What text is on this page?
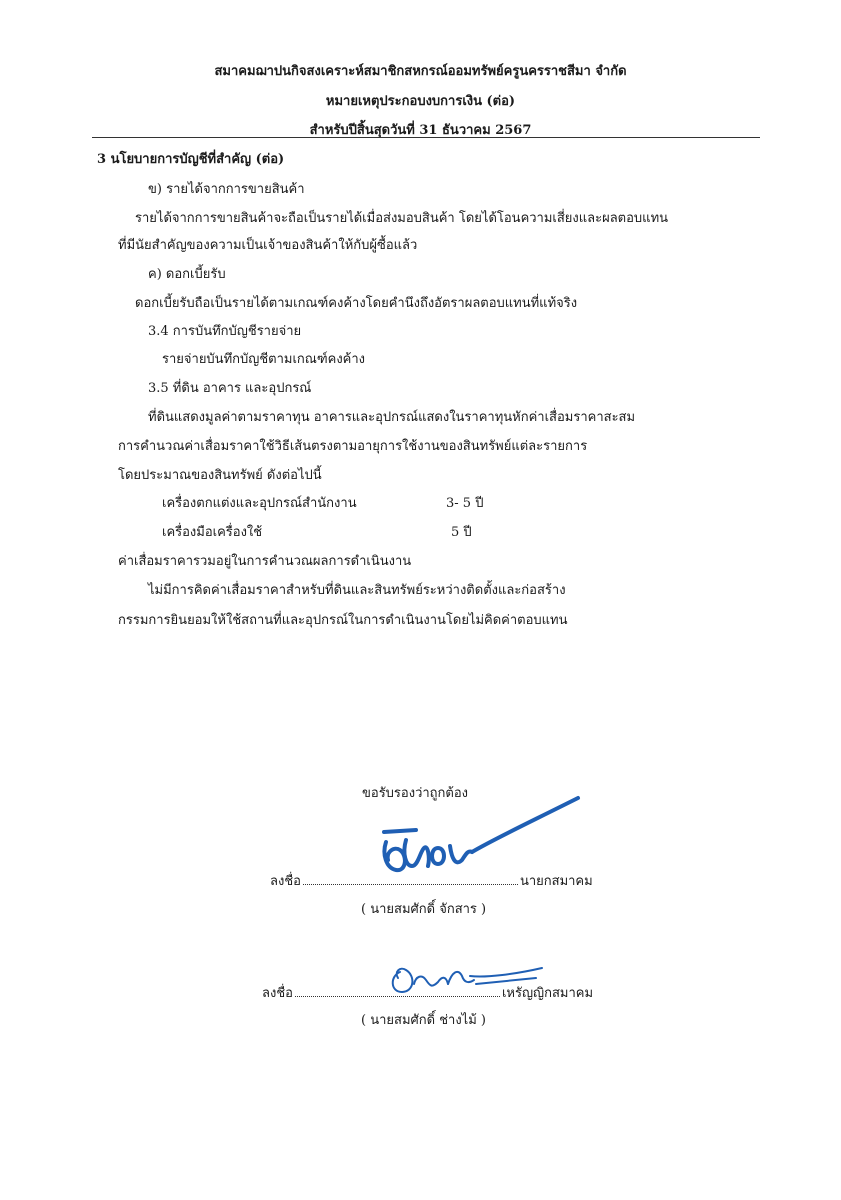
สมาคมฌาปนกิจสงเคราะห์สมาชิกสหกรณ์ออมทรัพย์ครูนครราชสีมา จำกัด
หมายเหตุประกอบงบการเงิน (ต่อ)
สำหรับปีสิ้นสุดวันที่ 31 ธันวาคม 2567
3 นโยบายการบัญชีที่สำคัญ (ต่อ)
ข) รายได้จากการขายสินค้า
รายได้จากการขายสินค้าจะถือเป็นรายได้เมื่อส่งมอบสินค้า โดยได้โอนความเสี่ยงและผลตอบแทน
ที่มีนัยสำคัญของความเป็นเจ้าของสินค้าให้กับผู้ซื้อแล้ว
ค) ดอกเบี้ยรับ
ดอกเบี้ยรับถือเป็นรายได้ตามเกณฑ์คงค้างโดยคำนึงถึงอัตราผลตอบแทนที่แท้จริง
3.4 การบันทึกบัญชีรายจ่าย
รายจ่ายบันทึกบัญชีตามเกณฑ์คงค้าง
3.5 ที่ดิน อาคาร และอุปกรณ์
ที่ดินแสดงมูลค่าตามราคาทุน อาคารและอุปกรณ์แสดงในราคาทุนหักค่าเสื่อมราคาสะสม
การคำนวณค่าเสื่อมราคาใช้วิธีเส้นตรงตามอายุการใช้งานของสินทรัพย์แต่ละรายการ
โดยประมาณของสินทรัพย์ ดังต่อไปนี้
เครื่องตกแต่งและอุปกรณ์สำนักงาน	3- 5 ปี
เครื่องมือเครื่องใช้	5 ปี
ค่าเสื่อมราคารวมอยู่ในการคำนวณผลการดำเนินงาน
ไม่มีการคิดค่าเสื่อมราคาสำหรับที่ดินและสินทรัพย์ระหว่างติดตั้งและก่อสร้าง
กรรมการยินยอมให้ใช้สถานที่และอุปกรณ์ในการดำเนินงานโดยไม่คิดค่าตอบแทน
ขอรับรองว่าถูกต้อง
ลงชื่อ	นายกสมาคม
( นายสมศักดิ์ จักสาร )
ลงชื่อ	เหรัญญิกสมาคม
( นายสมศักดิ์ ช่างไม้ )
